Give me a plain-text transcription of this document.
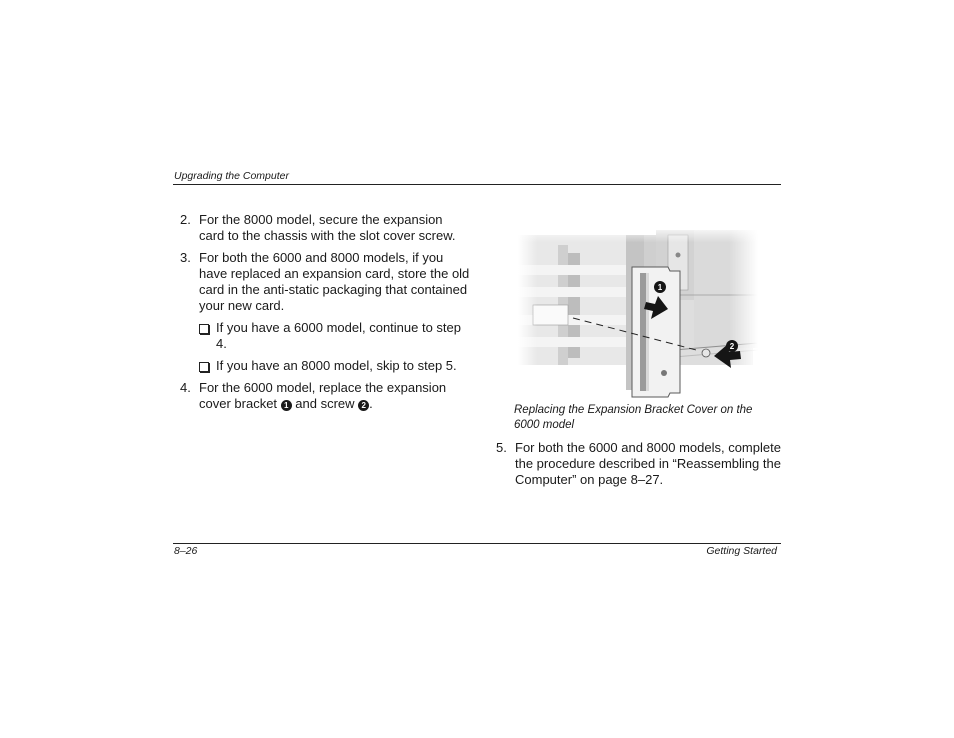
Upgrading the Computer
2. For the 8000 model, secure the expansion card to the chassis with the slot cover screw.
3. For both the 6000 and 8000 models, if you have replaced an expansion card, store the old card in the anti-static packaging that contained your new card.
If you have a 6000 model, continue to step 4.
If you have an 8000 model, skip to step 5.
4. For the 6000 model, replace the expansion cover bracket 1 and screw 2 .
1
2
Replacing the Expansion Bracket Cover on the 6000 model
5. For both the 6000 and 8000 models, complete the procedure described in “Reassembling the Computer” on page 8–27.
8–26	Getting Started
